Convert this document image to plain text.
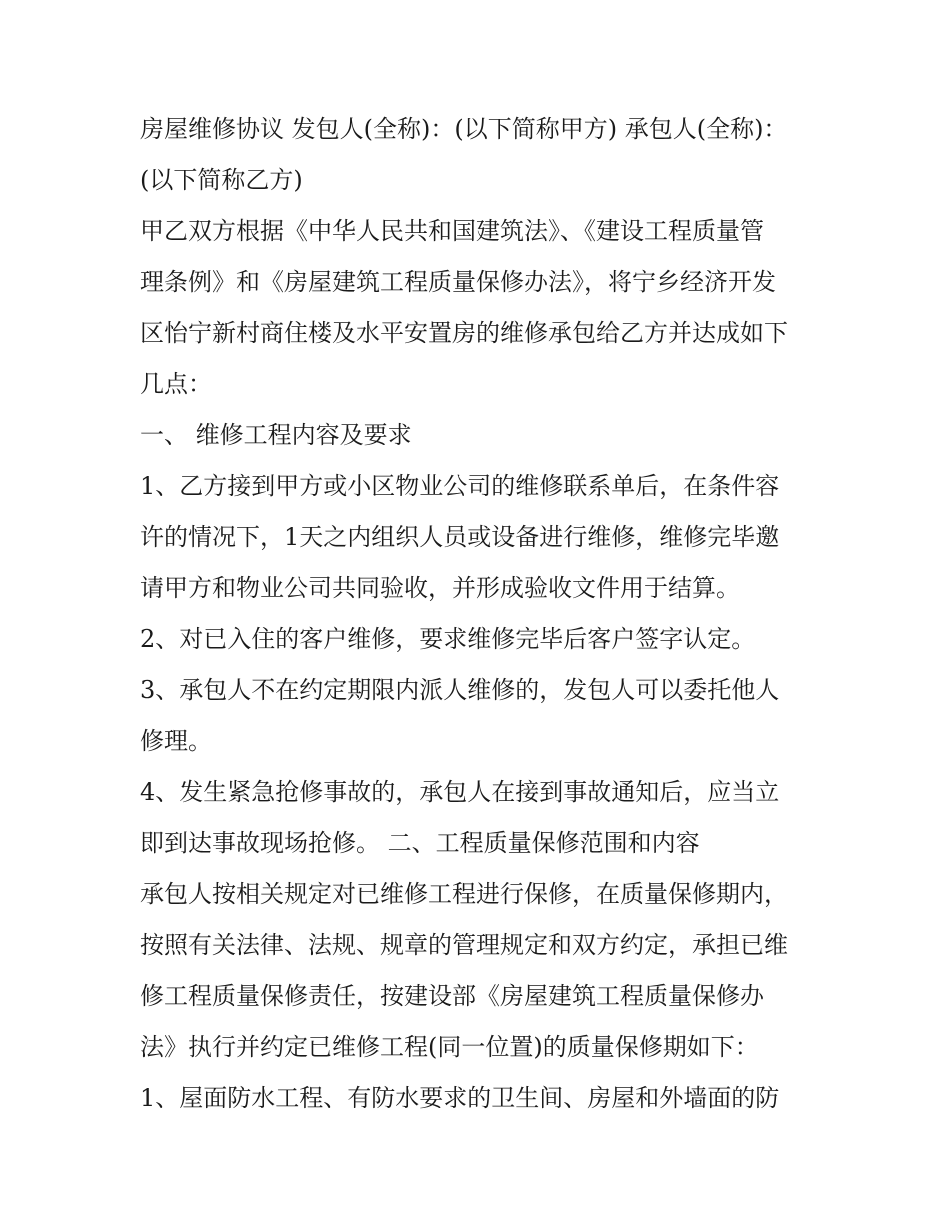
房屋维修协议 发包人(全称)：(以下简称甲方) 承包人(全称)：
(以下简称乙方)
甲乙双方根据《中华人民共和国建筑法》、《建设工程质量管
理条例》和《房屋建筑工程质量保修办法》，将宁乡经济开发
区怡宁新村商住楼及水平安置房的维修承包给乙方并达成如下
几点：
一、 维修工程内容及要求
1、乙方接到甲方或小区物业公司的维修联系单后，在条件容
许的情况下，1天之内组织人员或设备进行维修，维修完毕邀
请甲方和物业公司共同验收，并形成验收文件用于结算。
2、对已入住的客户维修，要求维修完毕后客户签字认定。
3、承包人不在约定期限内派人维修的，发包人可以委托他人
修理。
4、发生紧急抢修事故的，承包人在接到事故通知后，应当立
即到达事故现场抢修。 二、工程质量保修范围和内容
承包人按相关规定对已维修工程进行保修，在质量保修期内，
按照有关法律、法规、规章的管理规定和双方约定，承担已维
修工程质量保修责任，按建设部《房屋建筑工程质量保修办
法》执行并约定已维修工程(同一位置)的质量保修期如下：
1、屋面防水工程、有防水要求的卫生间、房屋和外墙面的防
